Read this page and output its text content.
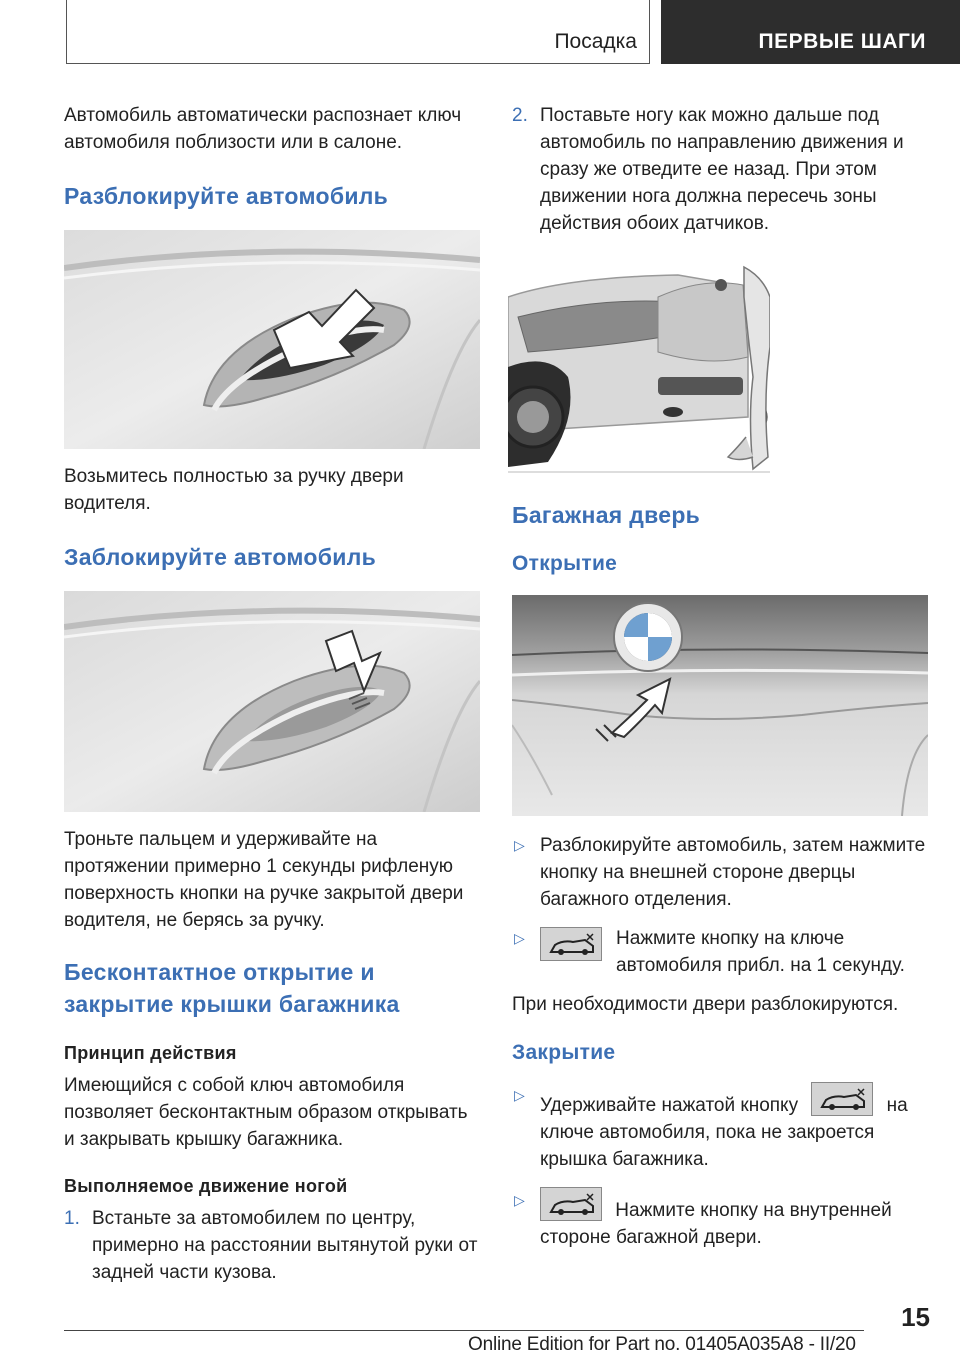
Посадка	ПЕРВЫЕ ШАГИ

Автомобиль автоматически распознает ключ автомобиля поблизости или в салоне.

Разблокируйте автомобиль

Возьмитесь полностью за ручку двери водителя.

Заблокируйте автомобиль

Троньте пальцем и удерживайте на протяжении примерно 1 секунды рифленую поверхность кнопки на ручке закрытой двери водителя, не берясь за ручку.

Бесконтактное открытие и закрытие крышки багажника
Принцип действия

Имеющийся с собой ключ автомобиля позволяет бесконтактным образом открывать и закрывать крышку багажника.

Выполняемое движение ногой
1. Встаньте за автомобилем по центру, примерно на расстоянии вытянутой руки от задней части кузова.
2. Поставьте ногу как можно дальше под автомобиль по направлению движения и сразу же отведите ее назад. При этом движении нога должна пересечь зоны действия обоих датчиков.
Багажная дверь
Открытие
▷ Разблокируйте автомобиль, затем нажмите кнопку на внешней стороне дверцы багажного отделения.
▷	Нажмите кнопку на ключе автомобиля прибл. на 1 секунду.

При необходимости двери разблокируются.

Закрытие
▷ Удерживайте нажатой кнопку	на ключе автомобиля, пока не закроется крышка багажника.
▷	Нажмите кнопку на внутренней стороне багажной двери.
15
Online Edition for Part no. 01405A035A8 - II/20
